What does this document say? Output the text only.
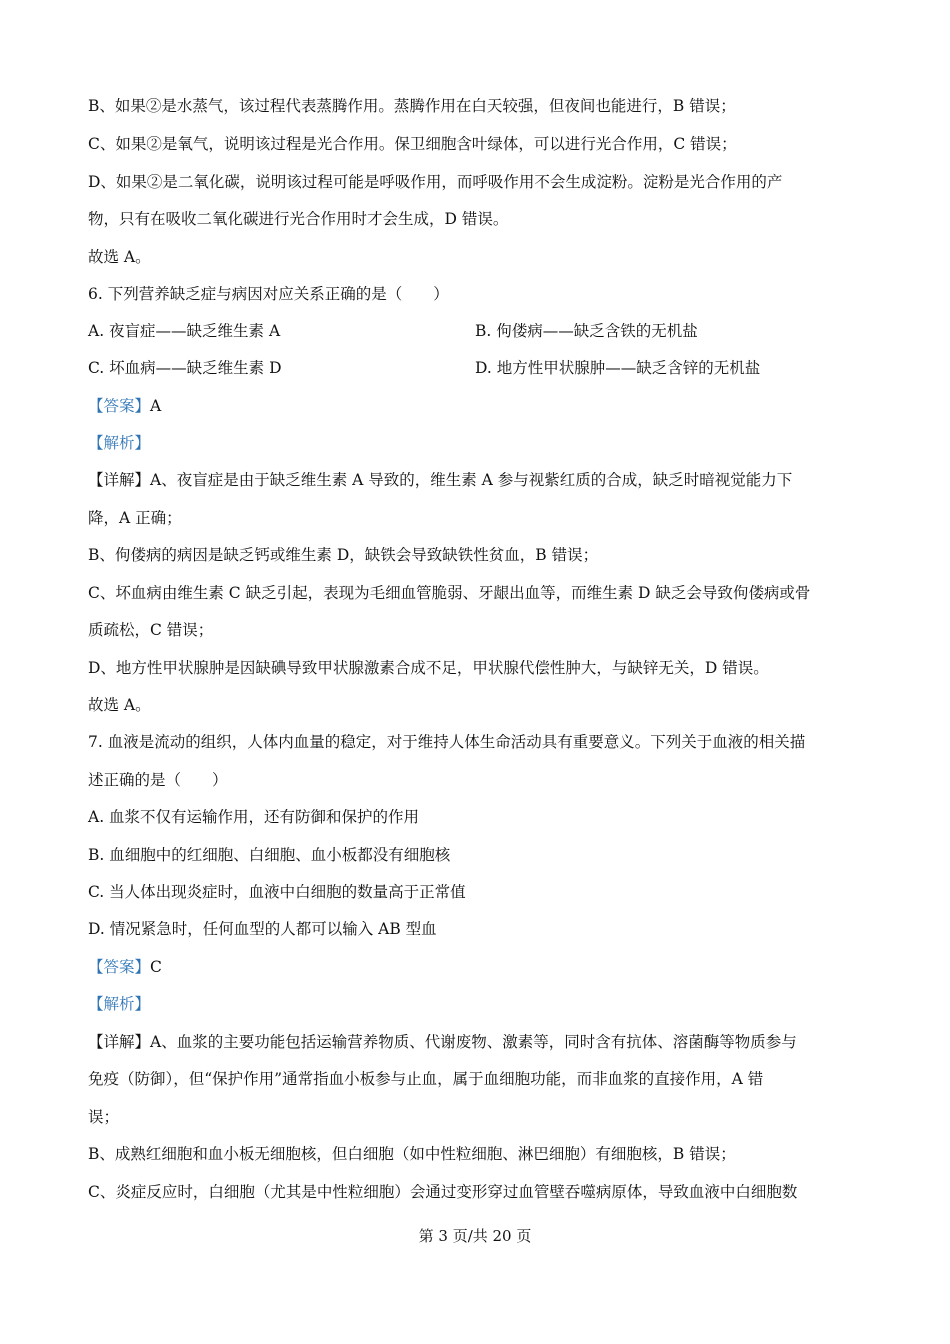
B、如果②是水蒸气，该过程代表蒸腾作用。蒸腾作用在白天较强，但夜间也能进行，B 错误；
C、如果②是氧气，说明该过程是光合作用。保卫细胞含叶绿体，可以进行光合作用，C 错误；
D、如果②是二氧化碳，说明该过程可能是呼吸作用，而呼吸作用不会生成淀粉。淀粉是光合作用的产
物，只有在吸收二氧化碳进行光合作用时才会生成，D 错误。
故选 A。
6. 下列营养缺乏症与病因对应关系正确的是（　　）
A. 夜盲症——缺乏维生素 A	B. 佝偻病——缺乏含铁的无机盐
C. 坏血病——缺乏维生素 D	D. 地方性甲状腺肿——缺乏含锌的无机盐
【答案】A
【解析】
【详解】A、夜盲症是由于缺乏维生素 A 导致的，维生素 A 参与视紫红质的合成，缺乏时暗视觉能力下
降，A 正确；
B、佝偻病的病因是缺乏钙或维生素 D，缺铁会导致缺铁性贫血，B 错误；
C、坏血病由维生素 C 缺乏引起，表现为毛细血管脆弱、牙龈出血等，而维生素 D 缺乏会导致佝偻病或骨
质疏松，C 错误；
D、地方性甲状腺肿是因缺碘导致甲状腺激素合成不足，甲状腺代偿性肿大，与缺锌无关，D 错误。
故选 A。
7. 血液是流动的组织，人体内血量的稳定，对于维持人体生命活动具有重要意义。下列关于血液的相关描
述正确的是（　　）
A. 血浆不仅有运输作用，还有防御和保护的作用
B. 血细胞中的红细胞、白细胞、血小板都没有细胞核
C. 当人体出现炎症时，血液中白细胞的数量高于正常值
D. 情况紧急时，任何血型的人都可以输入 AB 型血
【答案】C
【解析】
【详解】A、血浆的主要功能包括运输营养物质、代谢废物、激素等，同时含有抗体、溶菌酶等物质参与
免疫（防御），但“保护作用”通常指血小板参与止血，属于血细胞功能，而非血浆的直接作用，A 错
误；
B、成熟红细胞和血小板无细胞核，但白细胞（如中性粒细胞、淋巴细胞）有细胞核，B 错误；
C、炎症反应时，白细胞（尤其是中性粒细胞）会通过变形穿过血管壁吞噬病原体，导致血液中白细胞数
第 3 页/共 20 页
